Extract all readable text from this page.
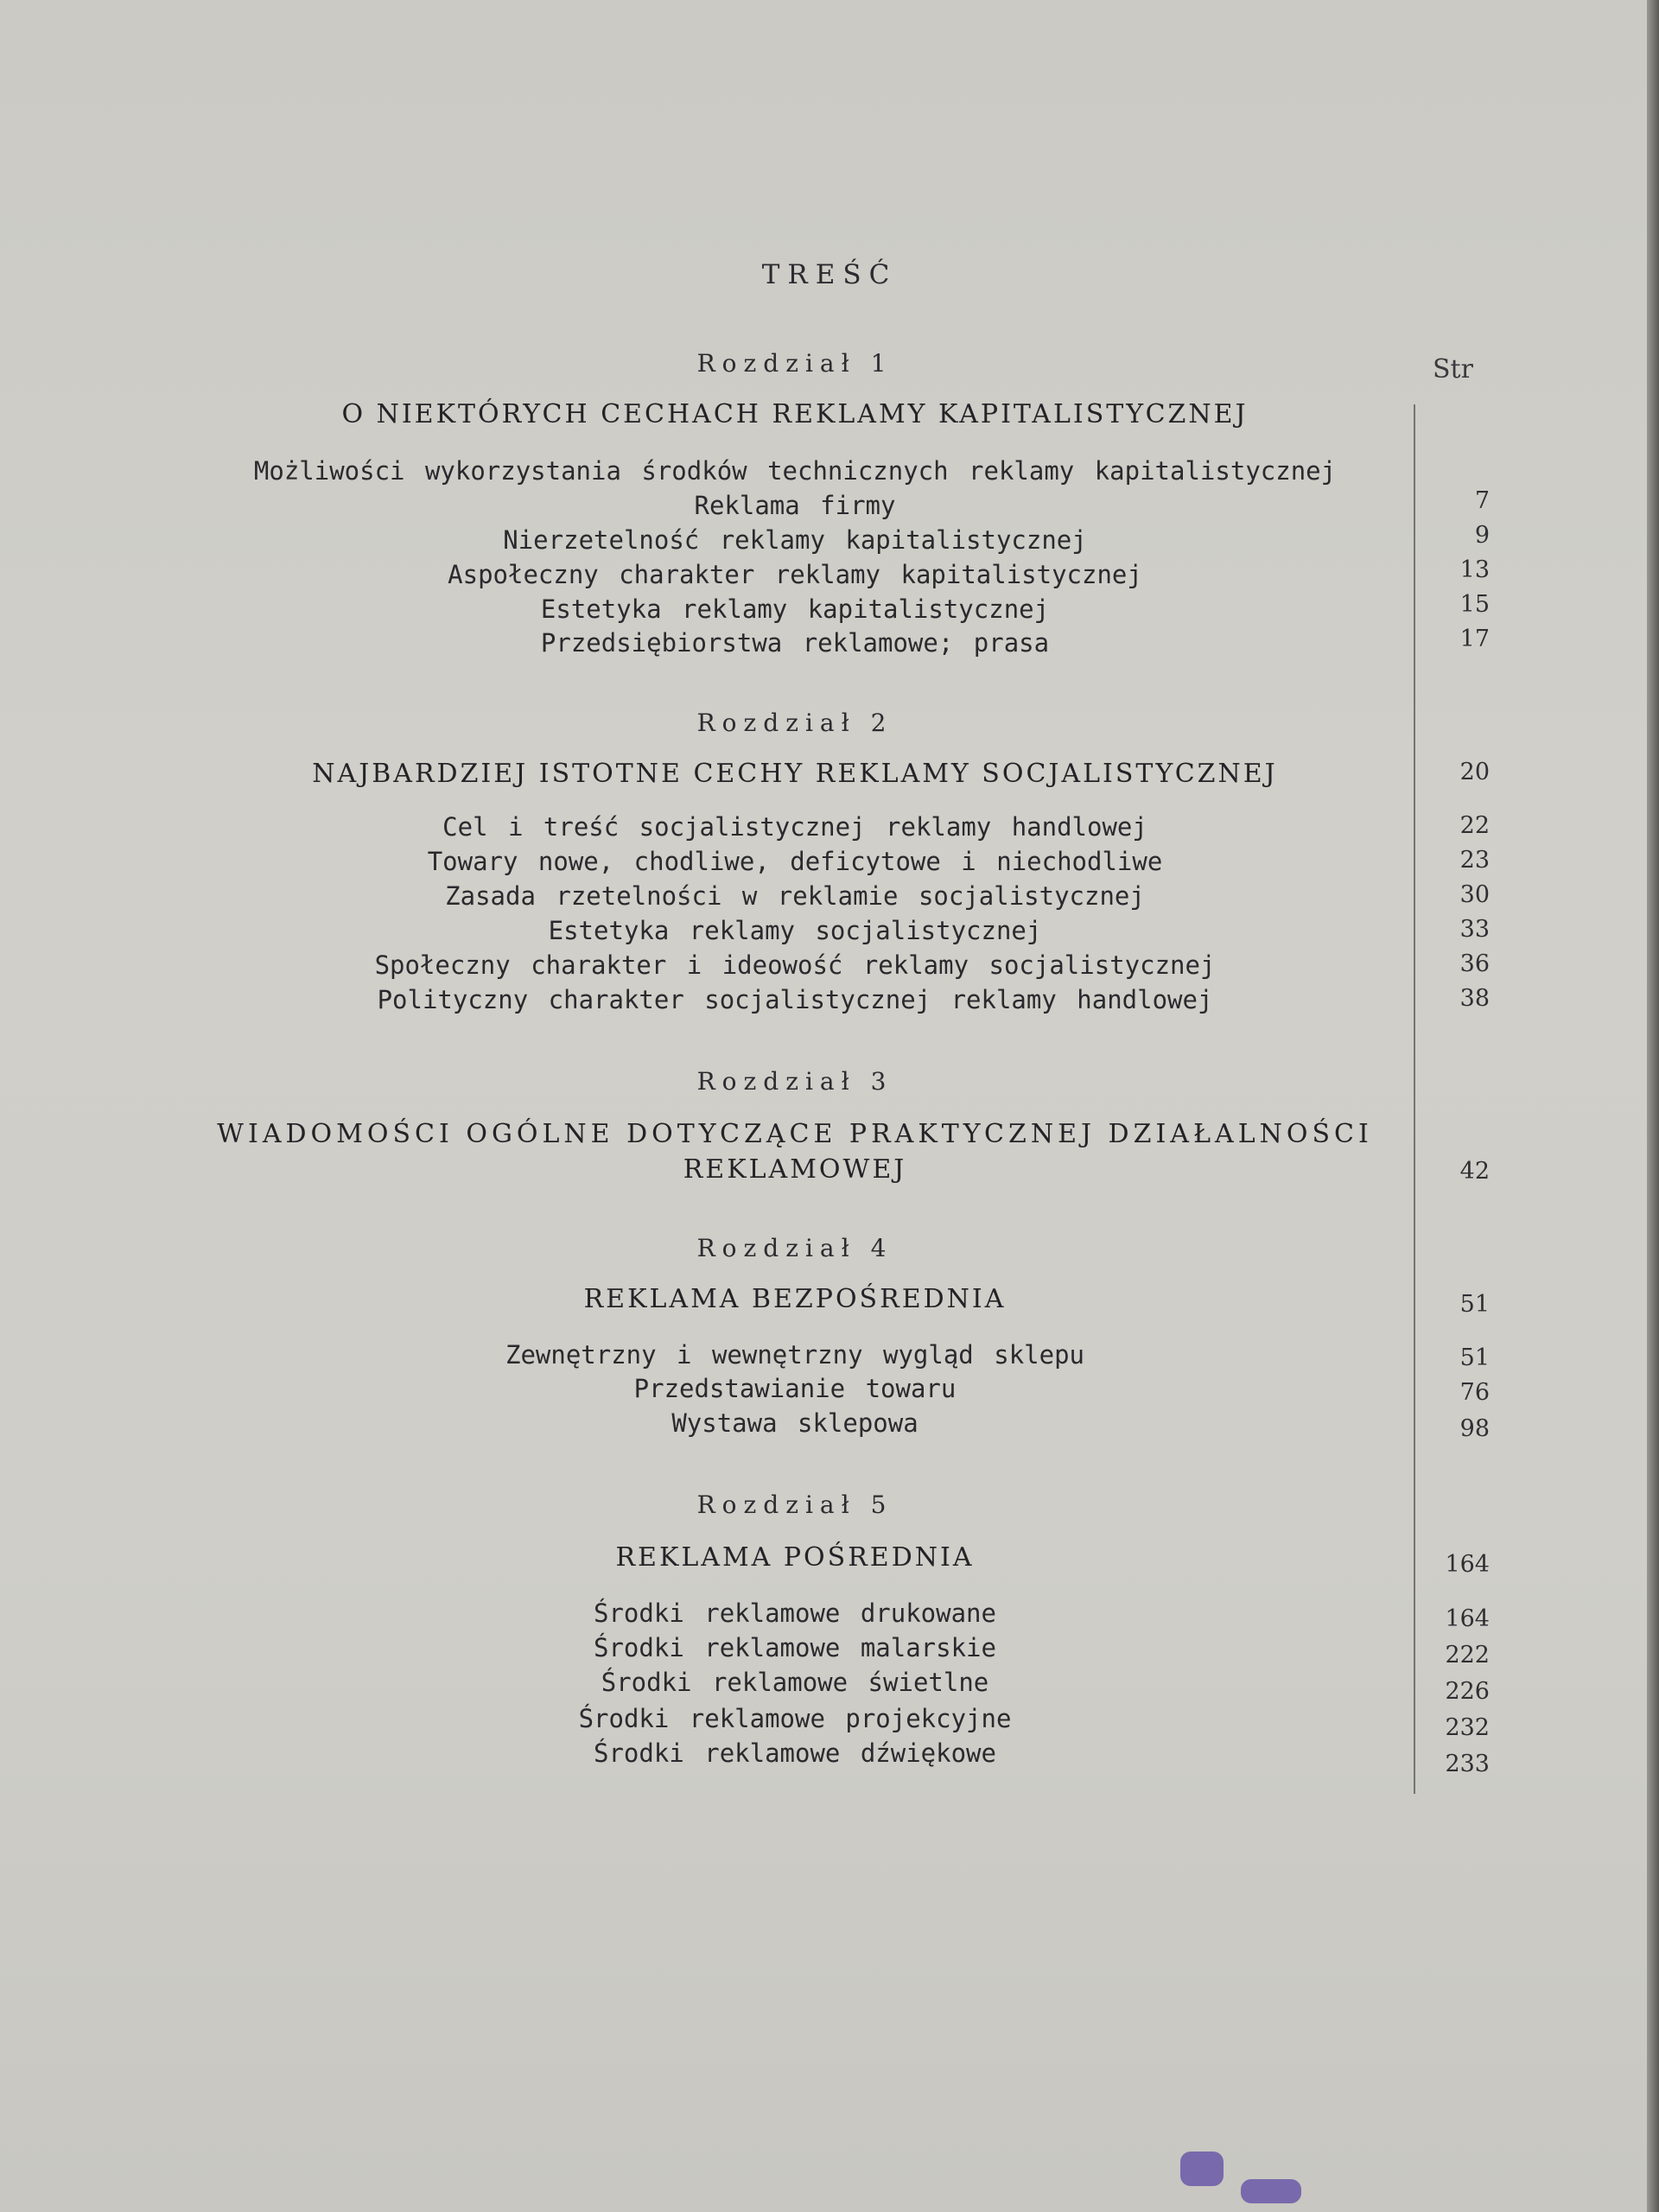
TREŚĆ
Str
Rozdział 1
O NIEKTÓRYCH CECHACH REKLAMY KAPITALISTYCZNEJ
Możliwości wykorzystania środków technicznych reklamy kapitalistycznej
Reklama firmy	7
Nierzetelność reklamy kapitalistycznej	9
Aspołeczny charakter reklamy kapitalistycznej	13
Estetyka reklamy kapitalistycznej	15
Przedsiębiorstwa reklamowe; prasa	17
Rozdział 2
NAJBARDZIEJ ISTOTNE CECHY REKLAMY SOCJALISTYCZNEJ	20
Cel i treść socjalistycznej reklamy handlowej	22
Towary nowe, chodliwe, deficytowe i niechodliwe	23
Zasada rzetelności w reklamie socjalistycznej	30
Estetyka reklamy socjalistycznej	33
Społeczny charakter i ideowość reklamy socjalistycznej	36
Polityczny charakter socjalistycznej reklamy handlowej	38
Rozdział 3
WIADOMOŚCI OGÓLNE DOTYCZĄCE PRAKTYCZNEJ DZIAŁALNOŚCI
REKLAMOWEJ	42
Rozdział 4
REKLAMA BEZPOŚREDNIA	51
Zewnętrzny i wewnętrzny wygląd sklepu	51
Przedstawianie towaru	76
Wystawa sklepowa	98
Rozdział 5
REKLAMA POŚREDNIA	164
Środki reklamowe drukowane	164
Środki reklamowe malarskie	222
Środki reklamowe świetlne	226
Środki reklamowe projekcyjne	232
Środki reklamowe dźwiękowe	233
